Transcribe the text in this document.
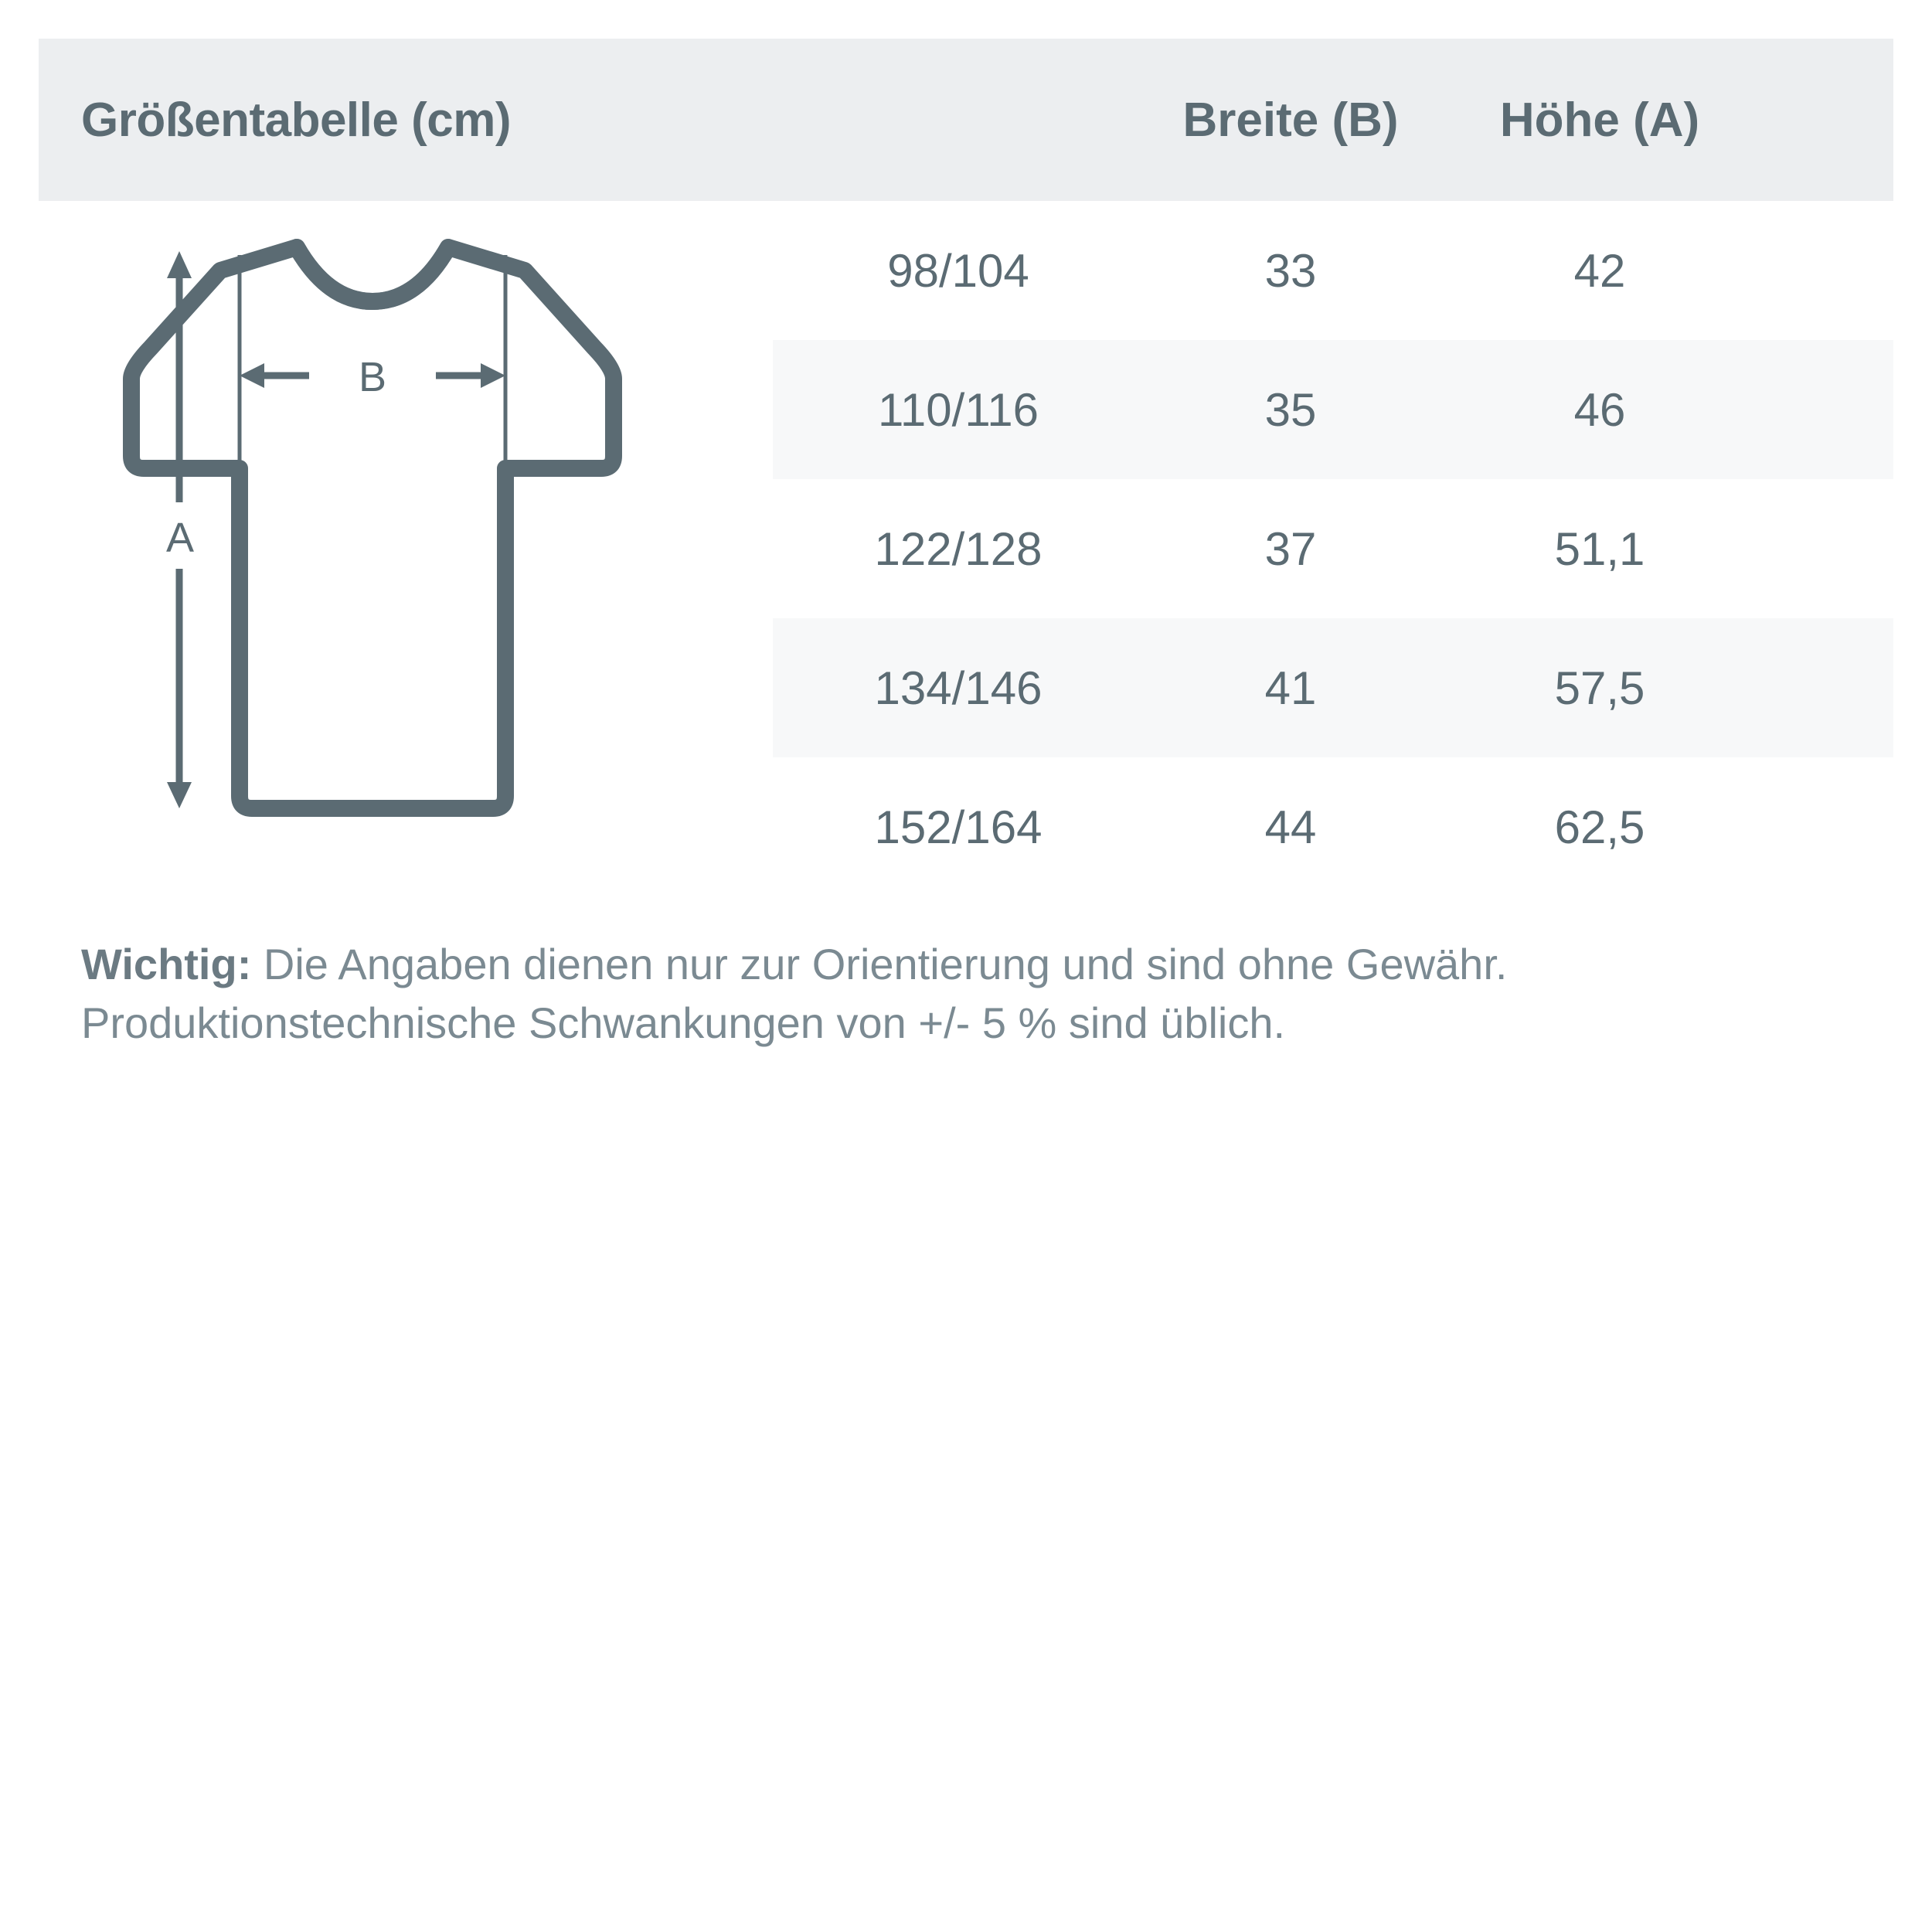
Größentabelle (cm)	Breite (B)	Höhe (A)
B
A
98/104	33	42
110/116	35	46
122/128	37	51,1
134/146	41	57,5
152/164	44	62,5
Wichtig: Die Angaben dienen nur zur Orientierung und sind ohne Gewähr. Produktionstechnische Schwankungen von +/- 5 % sind üblich.
